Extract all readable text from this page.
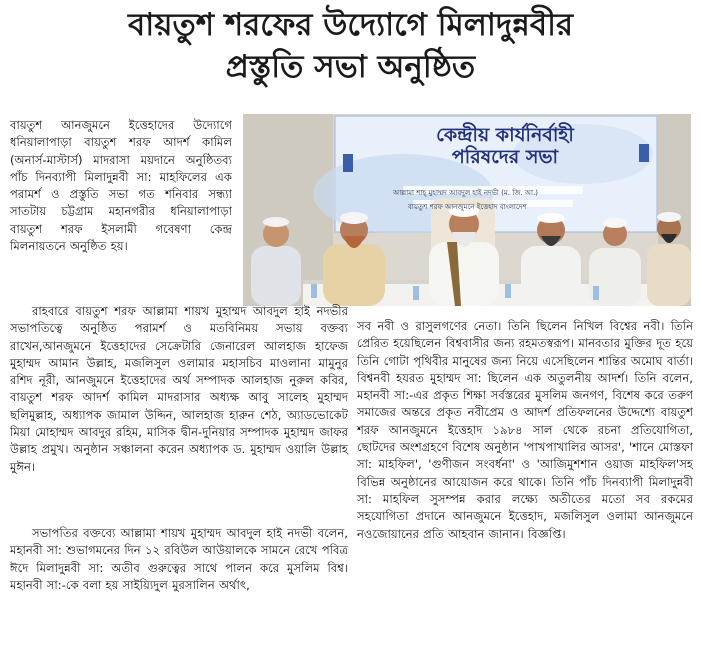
বায়তুশ শরফের উদ্যোগে মিলাদুন্নবীর
প্রস্তুতি সভা অনুষ্ঠিত

বায়তুশ আনজুমনে ইত্তেহাদের উদ্যোগে ধনিয়ালাপাড়া বায়তুশ শরফ আদর্শ কামিল (অনার্স-মাস্টার্স) মাদরাসা ময়দানে অনুষ্ঠিতব্য পাঁচ দিনব্যাপী মিলাদুন্নবী সা: মাহফিলের এক পরামর্শ ও প্রস্তুতি সভা গত শনিবার সন্ধ্যা সাতটায় চট্টগ্রাম মহানগরীর ধনিয়ালাপাড়া বায়তুশ শরফ ইসলামী গবেষণা কেন্দ্র মিলনায়তনে অনুষ্ঠিত হয়।

কেন্দ্রীয় কার্যনির্বাহী
পরিষদের সভা
আল্লামা শাহ্ মুহাম্মদ আবদুল হাই নদভী (ম. জি. আ.)
বায়তুশ শরফ আনজুমনে ইত্তেহাদ বাংলাদেশ

রাহবারে বায়তুশ শরফ আল্লামা শায়খ মুহাম্মদ আবদুল হাই নদভীর সভাপতিত্বে অনুষ্ঠিত পরামর্শ ও মতবিনিময় সভায় বক্তব্য রাখেন,আনজুমনে ইত্তেহাদের সেক্রেটারি জেনারেল আলহাজ হাফেজ মুহাম্মদ আমান উল্লাহ, মজলিসুল ওলামার মহাসচিব মাওলানা মামুনুর রশিদ নূরী, আনজুমনে ইত্তেহাদের অর্থ সম্পাদক আলহাজ নুরুল কবির, বায়তুশ শরফ আদর্শ কামিল মাদরাসার অধ্যক্ষ আবু সালেহ মুহাম্মদ ছলিমুল্লাহ, অধ্যাপক জামাল উদ্দিন, আলহাজ হারুন শেঠ, অ্যাডভোকেট মিয়া মোহাম্মদ আবদুর রহিম, মাসিক দ্বীন-দুনিয়ার সম্পাদক মুহাম্মদ জাফর উল্লাহ প্রমুখ। অনুষ্ঠান সঞ্চালনা করেন অধ্যাপক ড. মুহাম্মদ ওয়ালি উল্লাহ মুঈন।

সভাপতির বক্তব্যে আল্লামা শায়খ মুহাম্মদ আবদুল হাই নদভী বলেন, মহানবী সা: শুভাগমনের দিন ১২ রবিউল আউয়ালকে সামনে রেখে পবিত্র ঈদে মিলাদুন্নবী সা: অতীব গুরুত্বের সাথে পালন করে মুসলিম বিশ্ব। মহানবী সা:-কে বলা হয় সাইয়্যিদুল মুরসালিন অর্থাৎ,

সব নবী ও রাসুলগণের নেতা। তিনি ছিলেন নিখিল বিশ্বের নবী। তিনি প্রেরিত হয়েছিলেন বিশ্ববাসীর জন্য রহমতস্বরূপ। মানবতার মুক্তির দূত হয়ে তিনি গোটা পৃথিবীর মানুষের জন্য নিয়ে এসেছিলেন শান্তির অমোঘ বার্তা। বিশ্বনবী হযরত মুহাম্মদ সা: ছিলেন এক অতুলনীয় আদর্শ। তিনি বলেন, মহানবী সা:-এর প্রকৃত শিক্ষা সর্বস্তরের মুসলিম জনগণ, বিশেষ করে তরুণ সমাজের অন্তরে প্রকৃত নবীপ্রেম ও আদর্শ প্রতিফলনের উদ্দেশ্যে বায়তুশ শরফ আনজুমনে ইত্তেহাদ ১৯৮৪ সাল থেকে রচনা প্রতিযোগিতা, ছোটদের অংশগ্রহণে বিশেষ অনুষ্ঠান 'পাখপাখালির আসর', 'শানে মোস্তফা সা: মাহফিল', 'গুণীজন সংবর্ধনা' ও 'আজিমুশশান ওয়াজ মাহফিল'সহ বিভিন্ন অনুষ্ঠানের আয়োজন করে থাকে। তিনি পাঁচ দিনব্যাপী মিলাদুন্নবী সা: মাহফিল সুসম্পন্ন করার লক্ষ্যে অতীতের মতো সব রকমের সহযোগিতা প্রদানে আনজুমনে ইত্তেহাদ, মজলিসুল ওলামা আনজুমনে নওজোয়ানের প্রতি আহবান জানান। বিজ্ঞপ্তি।
